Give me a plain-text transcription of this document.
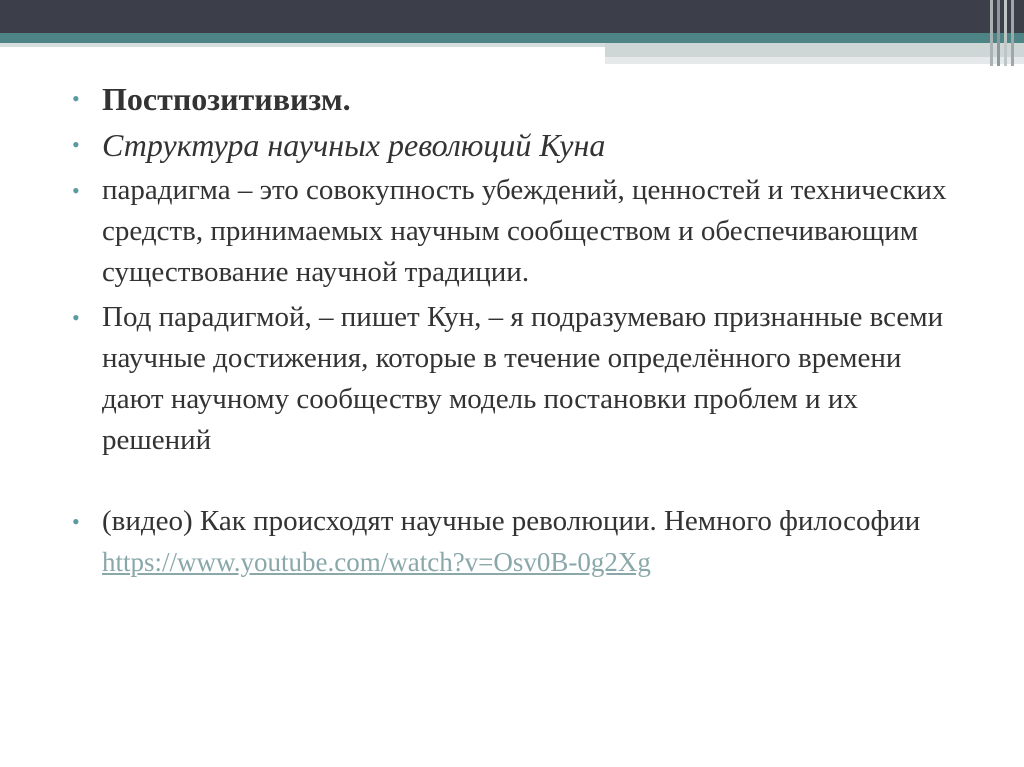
• Постпозитивизм.
• Структура научных революций Куна
• парадигма – это совокупность убеждений, ценностей и технических средств, принимаемых научным сообществом и обеспечивающим существование научной традиции.
• Под парадигмой, – пишет Кун, – я подразумеваю признанные всеми научные достижения, которые в течение определённого времени дают научному сообществу модель постановки проблем и их решений
• (видео) Как происходят научные революции. Немного философии https://www.youtube.com/watch?v=Osv0B-0g2Xg
